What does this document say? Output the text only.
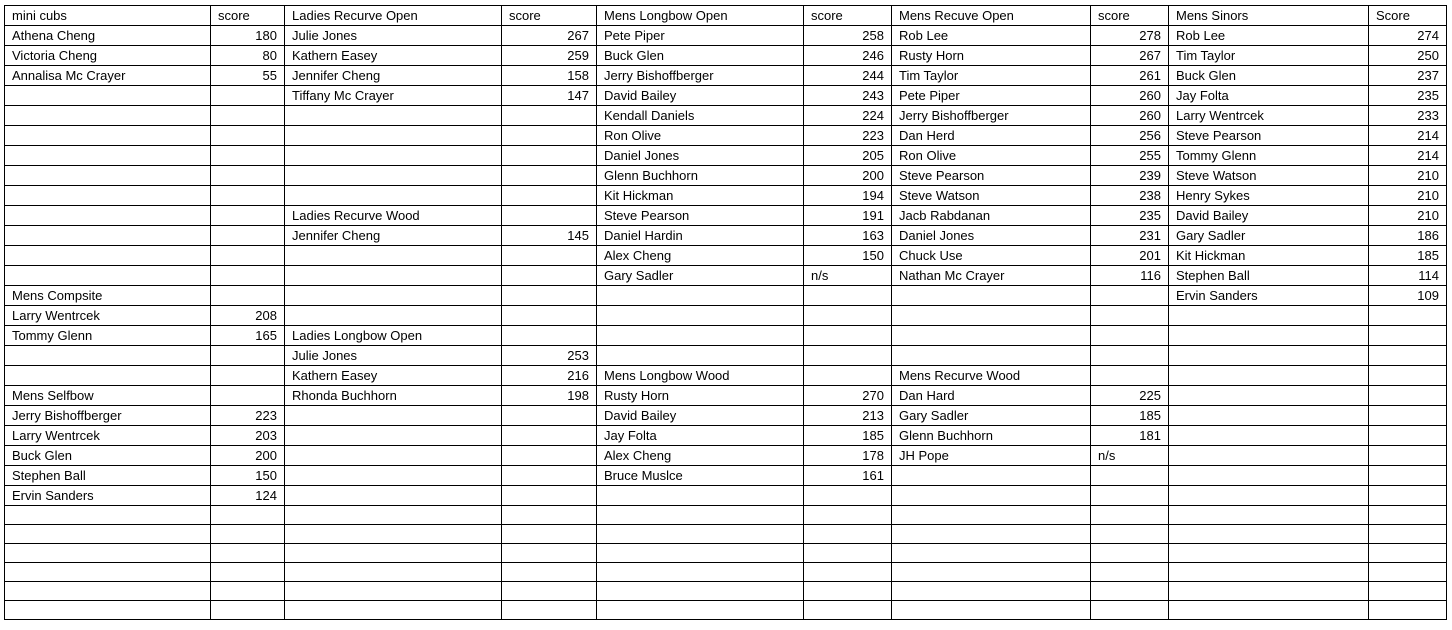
mini cubs	score	Ladies Recurve Open	score	Mens Longbow Open	score	Mens Recuve Open	score	Mens Sinors	Score
Athena Cheng	180	Julie Jones	267	Pete Piper	258	Rob Lee	278	Rob Lee	274
Victoria Cheng	80	Kathern Easey	259	Buck Glen	246	Rusty Horn	267	Tim Taylor	250
Annalisa Mc Crayer	55	Jennifer Cheng	158	Jerry Bishoffberger	244	Tim Taylor	261	Buck Glen	237
		Tiffany Mc Crayer	147	David Bailey	243	Pete Piper	260	Jay Folta	235
				Kendall Daniels	224	Jerry Bishoffberger	260	Larry Wentrcek	233
				Ron Olive	223	Dan Herd	256	Steve Pearson	214
				Daniel Jones	205	Ron Olive	255	Tommy Glenn	214
				Glenn Buchhorn	200	Steve Pearson	239	Steve Watson	210
				Kit Hickman	194	Steve Watson	238	Henry Sykes	210
		Ladies Recurve Wood		Steve Pearson	191	Jacb Rabdanan	235	David Bailey	210
		Jennifer Cheng	145	Daniel Hardin	163	Daniel Jones	231	Gary Sadler	186
				Alex Cheng	150	Chuck Use	201	Kit Hickman	185
				Gary Sadler	n/s	Nathan Mc Crayer	116	Stephen Ball	114
Mens Compsite								Ervin Sanders	109
Larry Wentrcek	208								
Tommy Glenn	165	Ladies Longbow Open							
		Julie Jones	253						
		Kathern Easey	216	Mens Longbow Wood		Mens Recurve Wood			
Mens Selfbow		Rhonda Buchhorn	198	Rusty Horn	270	Dan Hard	225		
Jerry Bishoffberger	223			David Bailey	213	Gary Sadler	185		
Larry Wentrcek	203			Jay Folta	185	Glenn Buchhorn	181		
Buck Glen	200			Alex Cheng	178	JH Pope	n/s		
Stephen Ball	150			Bruce Muslce	161				
Ervin Sanders	124								
